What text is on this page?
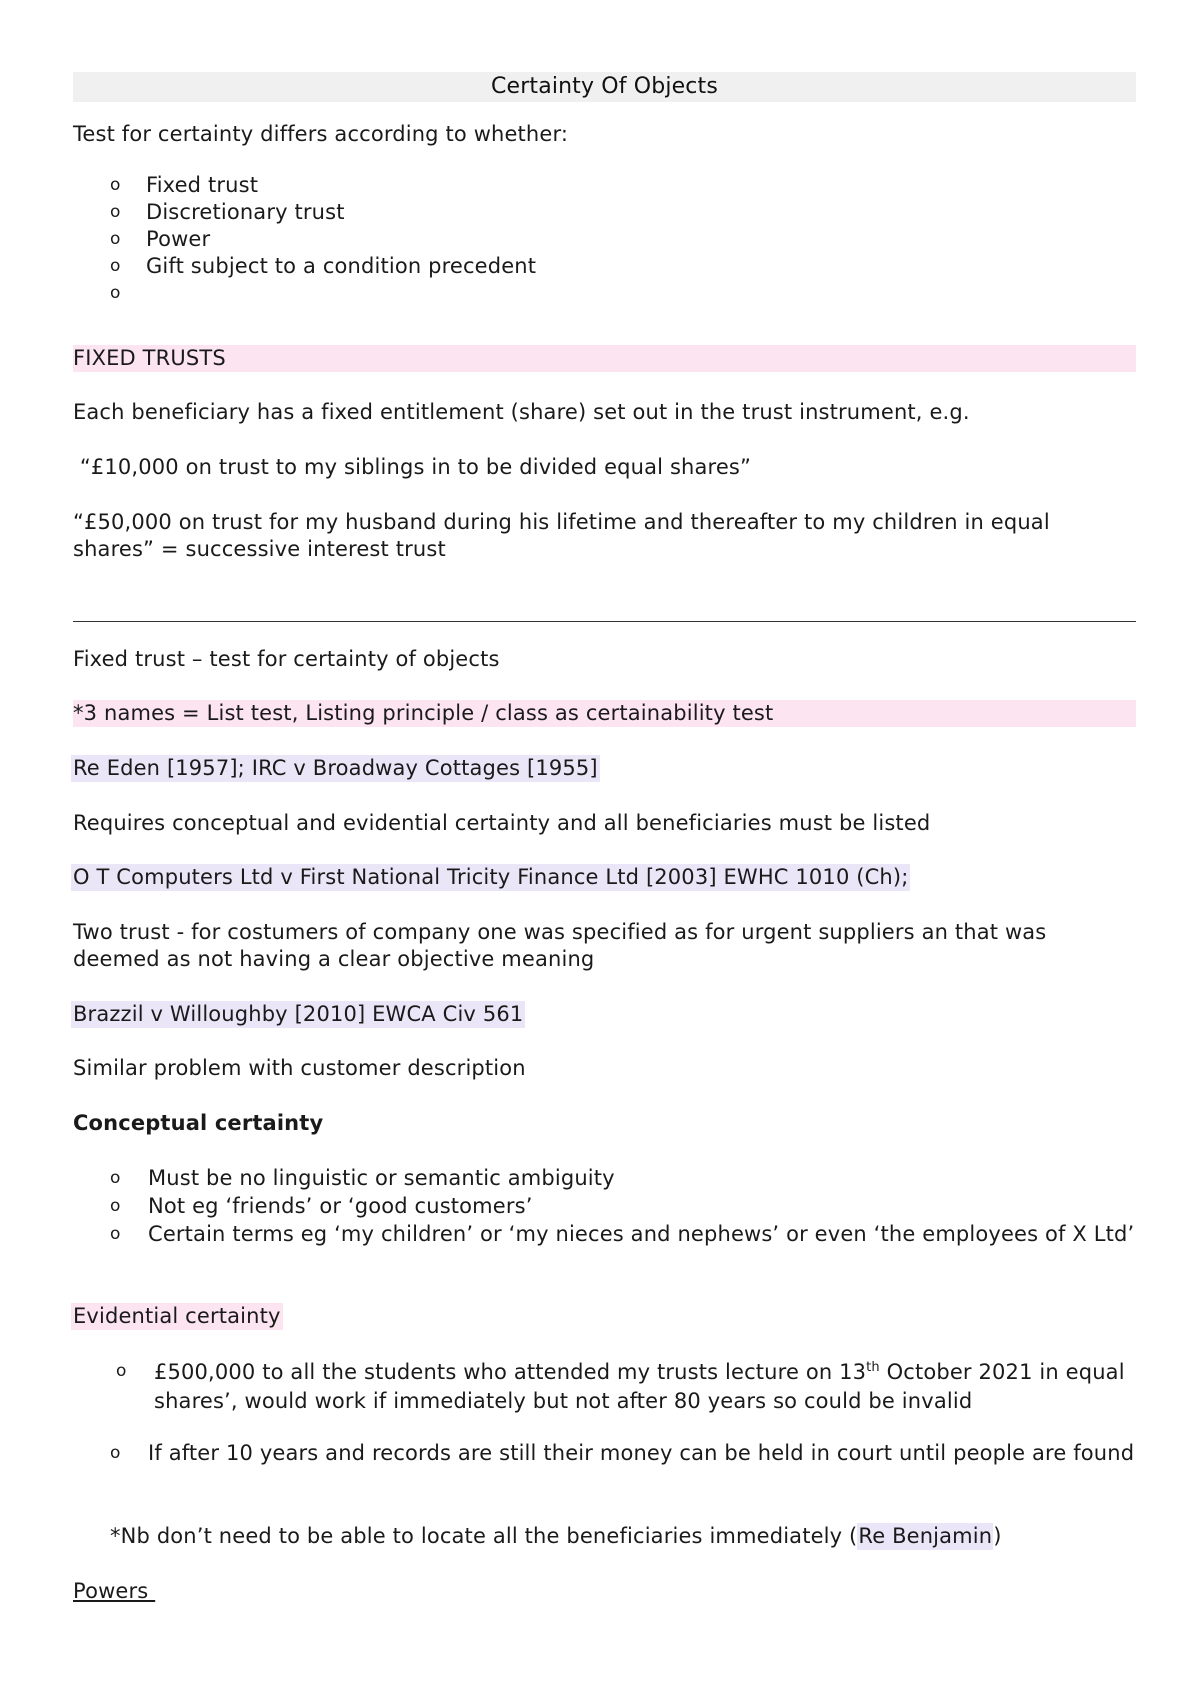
Certainty Of Objects

Test for certainty differs according to whether:

o Fixed trust
o Discretionary trust
o Power
o Gift subject to a condition precedent
o

FIXED TRUSTS

Each beneficiary has a fixed entitlement (share) set out in the trust instrument, e.g.

“£10,000 on trust to my siblings in to be divided equal shares”

“£50,000 on trust for my husband during his lifetime and thereafter to my children in equal shares” = successive interest trust

Fixed trust – test for certainty of objects

*3 names = List test, Listing principle / class as certainability test

Re Eden [1957]; IRC v Broadway Cottages [1955]

Requires conceptual and evidential certainty and all beneficiaries must be listed

O T Computers Ltd v First National Tricity Finance Ltd [2003] EWHC 1010 (Ch);

Two trust - for costumers of company one was specified as for urgent suppliers an that was deemed as not having a clear objective meaning

Brazzil v Willoughby [2010] EWCA Civ 561

Similar problem with customer description

Conceptual certainty

o Must be no linguistic or semantic ambiguity
o Not eg ‘friends’ or ‘good customers’
o Certain terms eg ‘my children’ or ‘my nieces and nephews’ or even ‘the employees of X Ltd’

Evidential certainty

o £500,000 to all the students who attended my trusts lecture on 13th October 2021 in equal shares’, would work if immediately but not after 80 years so could be invalid
o If after 10 years and records are still their money can be held in court until people are found

*Nb don’t need to be able to locate all the beneficiaries immediately (Re Benjamin)

Powers
